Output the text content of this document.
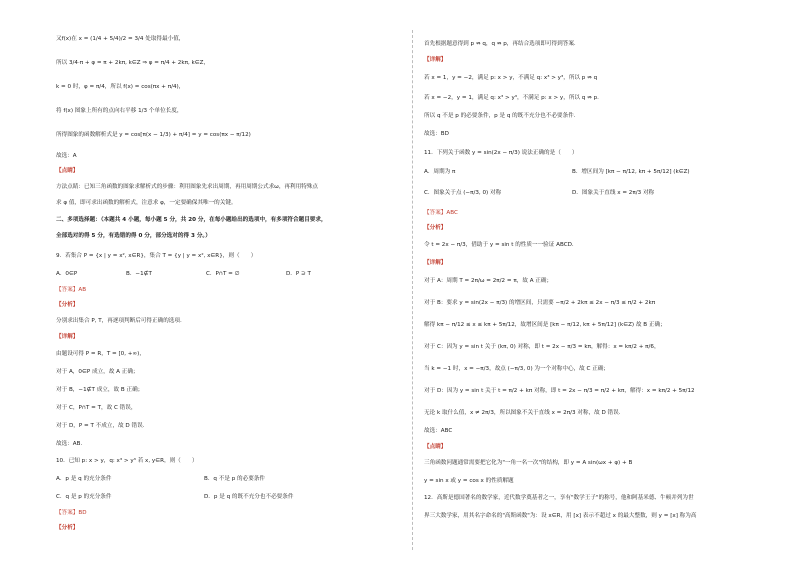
又f(x)在 x = (1/4 + 5/4)/2 = 3/4 处取得最小值，
所以 3/4·π + φ = π + 2kπ, k∈Z ⇒ φ = π/4 + 2kπ, k∈Z，
k = 0 时，φ = π/4，所以 f(x) = cos(πx + π/4)，
将 f(x) 图象上所有的点向右平移 1/3 个单位长度，
所得图象的函数解析式是 y = cos[π(x − 1/3) + π/4] = y = cos(πx − π/12)
故选：A
【点睛】
方法点睛：已知三角函数的图象求解析式的步骤：利用图象先求出周期，再用周期公式求ω，再利用特殊点
求 φ 值，即可求出函数的解析式，注意求 φ，一定要确保其唯一的关键。
二、多项选择题：（本题共 4 小题，每小题 5 分，共 20 分，在每小题给出的选项中，有多项符合题目要求，
全部选对的得 5 分，有选错的得 0 分，部分选对的得 3 分。）
9．若集合 P = {x | y = x², x∈R}，集合 T = {y | y = x², x∈R}，则（　　）
A．0∈P	B．−1∉T	C．P∩T = ∅	D．P ⊇ T
【答案】AB
【分析】
分别求出集合 P, T，再逐项判断后可得正确的选项.
【详解】
由题设可得 P = R，T = [0, +∞)，
对于 A，0∈P 成立，故 A 正确；
对于 B，−1∉T 成立，故 B 正确；
对于 C，P∩T = T，故 C 错误，
对于 D，P = T 不成立，故 D 错误.
故选：AB.
10．已知 p: x > y，q: x³ > y³ 若 x, y∈R，则（　　）
A．p 是 q 的充分条件	B．q 不是 p 的必要条件
C．q 是 p 的充分条件	D．p 是 q 的既不充分也不必要条件
【答案】BD
【分析】
首先根据题意得到 p ⇏ q，q ⇏ p，再结合选项即可得到答案.
【详解】
若 x = 1，y = −2，满足 p: x > y，不满足 q: x³ > y³，所以 p ⇏ q
若 x = −2，y = 1，满足 q: x³ > y³，不满足 p: x > y，所以 q ⇏ p.
所以 q 不是 p 的必要条件，p 是 q 的既不充分也不必要条件.
故选：BD
11．下列关于函数 y = sin(2x − π/3) 说法正确的是（　　）
A．周期为 π	B．增区间为 [kπ − π/12, kπ + 5π/12] (k∈Z)
C．图象关于点 (−π/3, 0) 对称	D．图象关于直线 x = 2π/3 对称
【答案】ABC
【分析】
令 t = 2x − π/3，借助于 y = sin t 的性质一一验证 ABCD.
【详解】
对于 A：周期 T = 2π/ω = 2π/2 = π，故 A 正确；
对于 B：要求 y = sin(2x − π/3) 的增区间，只需要 −π/2 + 2kπ ≤ 2x − π/3 ≤ π/2 + 2kπ
解得 kπ − π/12 ≤ x ≤ kπ + 5π/12，故增区间是 [kπ − π/12, kπ + 5π/12] (k∈Z) 故 B 正确；
对于 C：因为 y = sin t 关于 (kπ, 0) 对称，即 t = 2x − π/3 = kπ，解得：x = kπ/2 + π/6，
当 k = −1 时，x = −π/3，故点 (−π/3, 0) 为一个对称中心，故 C 正确；
对于 D：因为 y = sin t 关于 t = π/2 + kπ 对称，即 t = 2x − π/3 = π/2 + kπ，解得：x = kπ/2 + 5π/12
无论 k 取什么值，x ≠ 2π/3，所以图象不关于直线 x = 2π/3 对称，故 D 错误.
故选：ABC
【点睛】
三角函数问题通常需要把它化为"一角一名一次"的结构，即 y = A sin(ωx + φ) + B
y = sin x 或 y = cos x 的性质解题
12．高斯是德国著名的数学家，近代数学奠基者之一，享有"数学王子"的称号，他和阿基米德、牛顿并列为世
界三大数学家，用其名字命名的"高斯函数"为：设 x∈R，用 [x] 表示不超过 x 的最大整数，则 y = [x] 称为高
